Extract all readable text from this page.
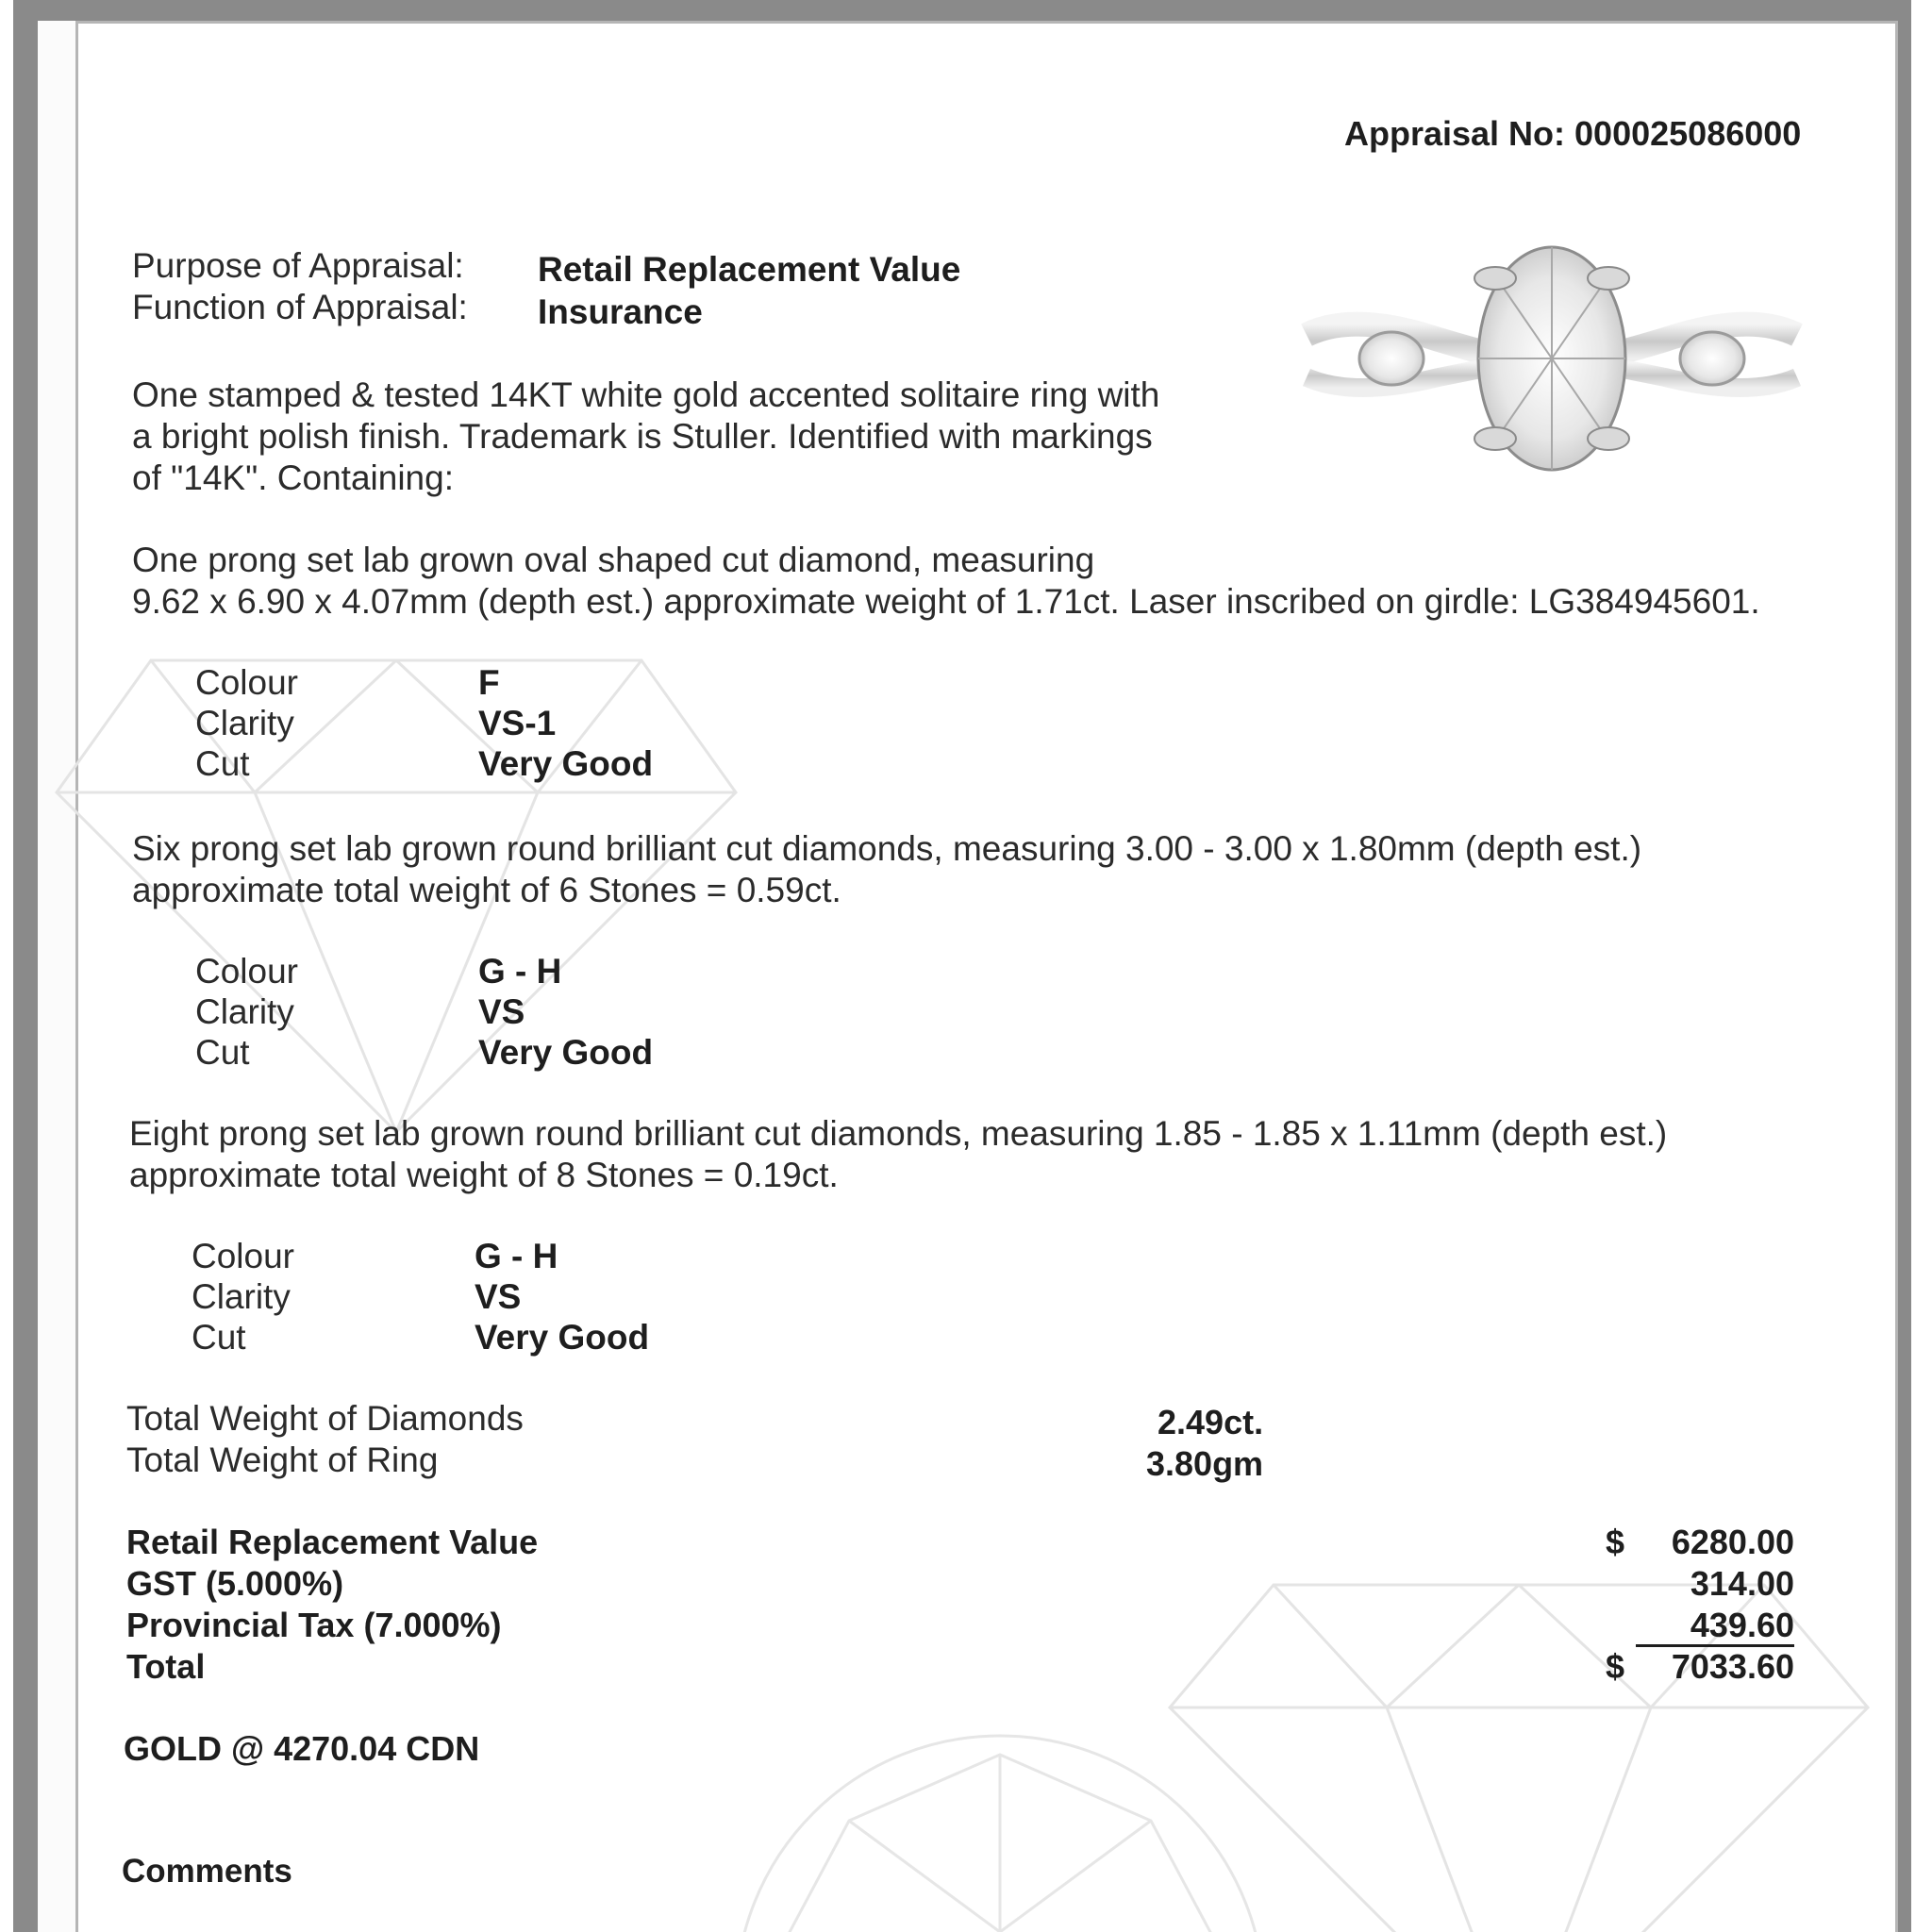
Appraisal No: 000025086000
Purpose of Appraisal: Retail Replacement Value
Function of Appraisal: Insurance
One stamped & tested 14KT white gold accented solitaire ring with
a bright polish finish. Trademark is Stuller. Identified with markings
of "14K". Containing:
One prong set lab grown oval shaped cut diamond, measuring
9.62 x 6.90 x 4.07mm (depth est.) approximate weight of 1.71ct. Laser inscribed on girdle: LG384945601.
Colour	F
Clarity	VS-1
Cut	Very Good
Six prong set lab grown round brilliant cut diamonds, measuring 3.00 - 3.00 x 1.80mm (depth est.)
approximate total weight of 6 Stones = 0.59ct.
Colour	G - H
Clarity	VS
Cut	Very Good
Eight prong set lab grown round brilliant cut diamonds, measuring 1.85 - 1.85 x 1.11mm (depth est.)
approximate total weight of 8 Stones = 0.19ct.
Colour	G - H
Clarity	VS
Cut	Very Good
Total Weight of Diamonds	2.49ct.
Total Weight of Ring	3.80gm
Retail Replacement Value	$ 6280.00
GST (5.000%)	314.00
Provincial Tax (7.000%)	439.60
Total	$ 7033.60
GOLD @ 4270.04 CDN
Comments
